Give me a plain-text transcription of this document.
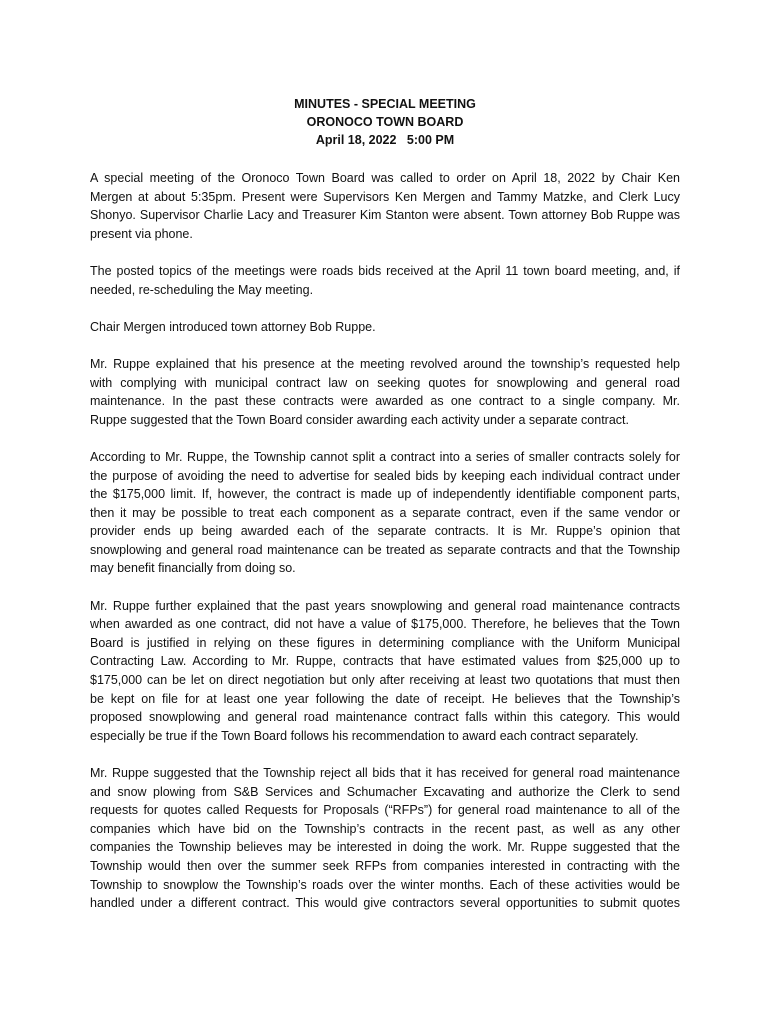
MINUTES - SPECIAL MEETING
ORONOCO TOWN BOARD
April 18, 2022   5:00 PM

A special meeting of the Oronoco Town Board was called to order on April 18, 2022 by Chair Ken
Mergen at about 5:35pm. Present were Supervisors Ken Mergen and Tammy Matzke, and Clerk Lucy
Shonyo. Supervisor Charlie Lacy and Treasurer Kim Stanton were absent. Town attorney Bob Ruppe was
present via phone.

The posted topics of the meetings were roads bids received at the April 11 town board meeting, and, if
needed, re-scheduling the May meeting.

Chair Mergen introduced town attorney Bob Ruppe.

Mr. Ruppe explained that his presence at the meeting revolved around the township’s requested help
with complying with municipal contract law on seeking quotes for snowplowing and general road
maintenance. In the past these contracts were awarded as one contract to a single company. Mr.
Ruppe suggested that the Town Board consider awarding each activity under a separate contract.

According to Mr. Ruppe, the Township cannot split a contract into a series of smaller contracts solely for
the purpose of avoiding the need to advertise for sealed bids by keeping each individual contract under
the $175,000 limit. If, however, the contract is made up of independently identifiable component parts,
then it may be possible to treat each component as a separate contract, even if the same vendor or
provider ends up being awarded each of the separate contracts. It is Mr. Ruppe’s opinion that
snowplowing and general road maintenance can be treated as separate contracts and that the Township
may benefit financially from doing so.

Mr. Ruppe further explained that the past years snowplowing and general road maintenance contracts
when awarded as one contract, did not have a value of $175,000. Therefore, he believes that the Town
Board is justified in relying on these figures in determining compliance with the Uniform Municipal
Contracting Law. According to Mr. Ruppe, contracts that have estimated values from $25,000 up to
$175,000 can be let on direct negotiation but only after receiving at least two quotations that must then
be kept on file for at least one year following the date of receipt. He believes that the Township’s
proposed snowplowing and general road maintenance contract falls within this category. This would
especially be true if the Town Board follows his recommendation to award each contract separately.

Mr. Ruppe suggested that the Township reject all bids that it has received for general road maintenance
and snow plowing from S&B Services and Schumacher Excavating and authorize the Clerk to send
requests for quotes called Requests for Proposals (“RFPs”) for general road maintenance to all of the
companies which have bid on the Township’s contracts in the recent past, as well as any other
companies the Township believes may be interested in doing the work. Mr. Ruppe suggested that the
Township would then over the summer seek RFPs from companies interested in contracting with the
Township to snowplow the Township’s roads over the winter months. Each of these activities would be
handled under a different contract. This would give contractors several opportunities to submit quotes
